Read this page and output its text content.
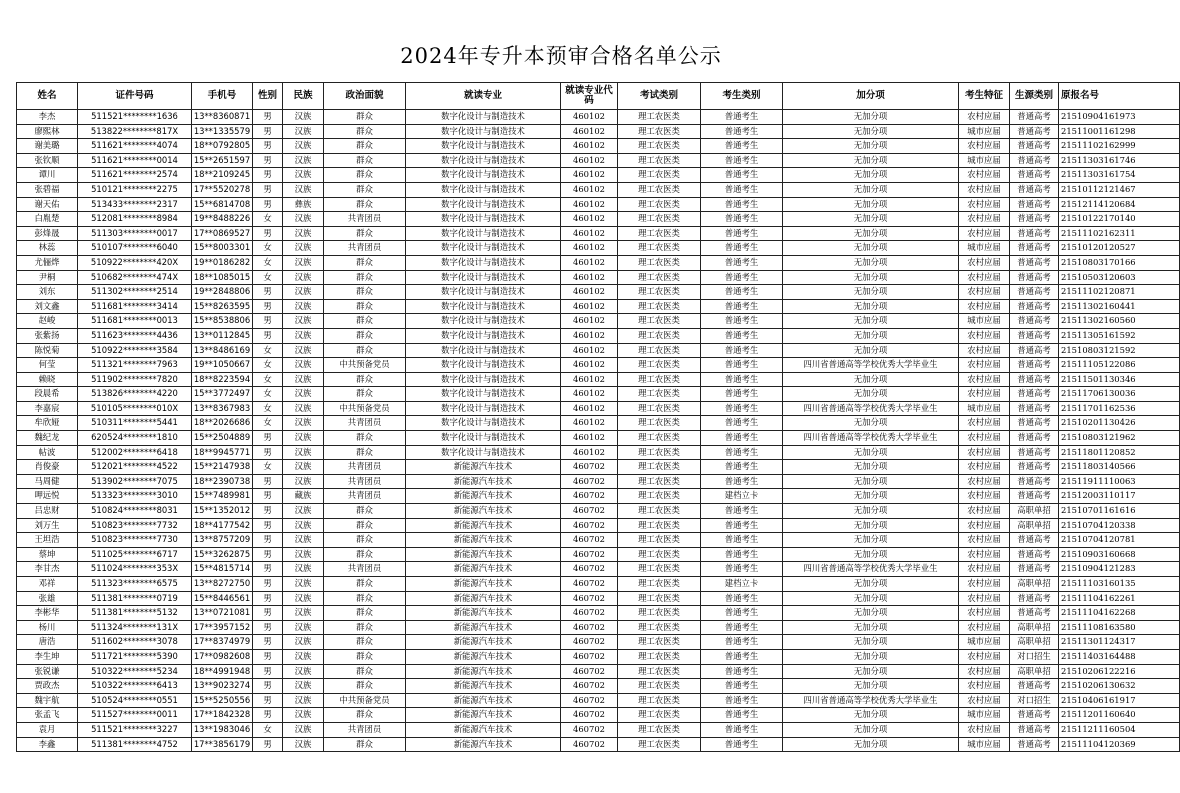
2024年专升本预审合格名单公示
姓名	证件号码	手机号	性别	民族	政治面貌	就读专业	就读专业代码	考试类别	考生类别	加分项	考生特征	生源类别	原报名号
李杰	511521********1636	13**8360871	男	汉族	群众	数字化设计与制造技术	460102	理工农医类	普通考生	无加分项	农村应届	普通高考	21510904161973
廖熙林	513822********817X	13**1335579	男	汉族	群众	数字化设计与制造技术	460102	理工农医类	普通考生	无加分项	城市应届	普通高考	21511001161298
谢美璐	511621********4074	18**0792805	男	汉族	群众	数字化设计与制造技术	460102	理工农医类	普通考生	无加分项	农村应届	普通高考	21511102162999
张钦顺	511621********0014	15**2651597	男	汉族	群众	数字化设计与制造技术	460102	理工农医类	普通考生	无加分项	城市应届	普通高考	21511303161746
谭川	511621********2574	18**2109245	男	汉族	群众	数字化设计与制造技术	460102	理工农医类	普通考生	无加分项	农村应届	普通高考	21511303161754
张碧福	510121********2275	17**5520278	男	汉族	群众	数字化设计与制造技术	460102	理工农医类	普通考生	无加分项	农村应届	普通高考	21510112121467
谢天佑	513433********2317	15**6814708	男	彝族	群众	数字化设计与制造技术	460102	理工农医类	普通考生	无加分项	农村应届	普通高考	21512114120684
白胤楚	512081********8984	19**8488226	女	汉族	共青团员	数字化设计与制造技术	460102	理工农医类	普通考生	无加分项	农村应届	普通高考	21510122170140
彭烽晟	511303********0017	17**0869527	男	汉族	群众	数字化设计与制造技术	460102	理工农医类	普通考生	无加分项	农村应届	普通高考	21511102162311
林蕊	510107********6040	15**8003301	女	汉族	共青团员	数字化设计与制造技术	460102	理工农医类	普通考生	无加分项	城市应届	普通高考	21510120120527
尤俪烨	510922********420X	19**0186282	女	汉族	群众	数字化设计与制造技术	460102	理工农医类	普通考生	无加分项	农村应届	普通高考	21510803170166
尹桐	510682********474X	18**1085015	女	汉族	群众	数字化设计与制造技术	460102	理工农医类	普通考生	无加分项	农村应届	普通高考	21510503120603
刘东	511302********2514	19**2848806	男	汉族	群众	数字化设计与制造技术	460102	理工农医类	普通考生	无加分项	农村应届	普通高考	21511102120871
刘文鑫	511681********3414	15**8263595	男	汉族	群众	数字化设计与制造技术	460102	理工农医类	普通考生	无加分项	农村应届	普通高考	21511302160441
赵峻	511681********0013	15**8538806	男	汉族	群众	数字化设计与制造技术	460102	理工农医类	普通考生	无加分项	城市应届	普通高考	21511302160560
张紫扬	511623********4436	13**0112845	男	汉族	群众	数字化设计与制造技术	460102	理工农医类	普通考生	无加分项	农村应届	普通高考	21511305161592
陈悦菊	510922********3584	13**8486169	女	汉族	群众	数字化设计与制造技术	460102	理工农医类	普通考生	无加分项	农村应届	普通高考	21510803121592
何莹	511321********7963	19**1050667	女	汉族	中共预备党员	数字化设计与制造技术	460102	理工农医类	普通考生	四川省普通高等学校优秀大学毕业生	农村应届	普通高考	21511105122086
赖晓	511902********7820	18**8223594	女	汉族	群众	数字化设计与制造技术	460102	理工农医类	普通考生	无加分项	农村应届	普通高考	21511501130346
段晨希	513826********4220	15**3772497	女	汉族	群众	数字化设计与制造技术	460102	理工农医类	普通考生	无加分项	农村应届	普通高考	21511706130036
李嘉宸	510105********010X	13**8367983	女	汉族	中共预备党员	数字化设计与制造技术	460102	理工农医类	普通考生	四川省普通高等学校优秀大学毕业生	城市应届	普通高考	21511701162536
牟欣娅	510311********5441	18**2026686	女	汉族	共青团员	数字化设计与制造技术	460102	理工农医类	普通考生	无加分项	农村应届	普通高考	21510201130426
魏纪龙	620524********1810	15**2504889	男	汉族	群众	数字化设计与制造技术	460102	理工农医类	普通考生	四川省普通高等学校优秀大学毕业生	农村应届	普通高考	21510803121962
帖波	512002********6418	18**9945771	男	汉族	群众	数字化设计与制造技术	460102	理工农医类	普通考生	无加分项	农村应届	普通高考	21511801120852
肖俊豪	512021********4522	15**2147938	女	汉族	共青团员	新能源汽车技术	460702	理工农医类	普通考生	无加分项	农村应届	普通高考	21511803140566
马周健	513902********7075	18**2390738	男	汉族	共青团员	新能源汽车技术	460702	理工农医类	普通考生	无加分项	农村应届	普通高考	21511911110063
呷远悦	513323********3010	15**7489981	男	藏族	共青团员	新能源汽车技术	460702	理工农医类	建档立卡	无加分项	农村应届	普通高考	21512003110117
吕忠财	510824********8031	15**1352012	男	汉族	群众	新能源汽车技术	460702	理工农医类	普通考生	无加分项	农村应届	高职单招	21510701161616
刘万生	510823********7732	18**4177542	男	汉族	群众	新能源汽车技术	460702	理工农医类	普通考生	无加分项	农村应届	高职单招	21510704120338
王坦浩	510823********7730	13**8757209	男	汉族	群众	新能源汽车技术	460702	理工农医类	普通考生	无加分项	农村应届	普通高考	21510704120781
蔡坤	511025********6717	15**3262875	男	汉族	群众	新能源汽车技术	460702	理工农医类	普通考生	无加分项	农村应届	普通高考	21510903160668
李甘杰	511024********353X	15**4815714	男	汉族	共青团员	新能源汽车技术	460702	理工农医类	普通考生	四川省普通高等学校优秀大学毕业生	农村应届	普通高考	21510904121283
邓祥	511323********6575	13**8272750	男	汉族	群众	新能源汽车技术	460702	理工农医类	建档立卡	无加分项	农村应届	高职单招	21511103160135
张雄	511381********0719	15**8446561	男	汉族	群众	新能源汽车技术	460702	理工农医类	普通考生	无加分项	农村应届	普通高考	21511104162261
李彬华	511381********5132	13**0721081	男	汉族	群众	新能源汽车技术	460702	理工农医类	普通考生	无加分项	农村应届	普通高考	21511104162268
杨川	511324********131X	17**3957152	男	汉族	群众	新能源汽车技术	460702	理工农医类	普通考生	无加分项	农村应届	高职单招	21511108163580
唐浩	511602********3078	17**8374979	男	汉族	群众	新能源汽车技术	460702	理工农医类	普通考生	无加分项	城市应届	高职单招	21511301124317
李生坤	511721********5390	17**0982608	男	汉族	群众	新能源汽车技术	460702	理工农医类	普通考生	无加分项	农村应届	对口招生	21511403164488
张锐谦	510322********5234	18**4991948	男	汉族	群众	新能源汽车技术	460702	理工农医类	普通考生	无加分项	农村应届	高职单招	21510206122216
贾政杰	510322********6413	13**9023274	男	汉族	群众	新能源汽车技术	460702	理工农医类	普通考生	无加分项	农村应届	普通高考	21510206130632
魏宇航	510524********0551	15**5250556	男	汉族	中共预备党员	新能源汽车技术	460702	理工农医类	普通考生	四川省普通高等学校优秀大学毕业生	农村应届	对口招生	21510406161917
张孟飞	511527********0011	17**1842328	男	汉族	群众	新能源汽车技术	460702	理工农医类	普通考生	无加分项	城市应届	普通高考	21511201160640
袁月	511521********3227	13**1983046	女	汉族	共青团员	新能源汽车技术	460702	理工农医类	普通考生	无加分项	农村应届	普通高考	21511211160504
李鑫	511381********4752	17**3856179	男	汉族	群众	新能源汽车技术	460702	理工农医类	普通考生	无加分项	城市应届	普通高考	21511104120369
